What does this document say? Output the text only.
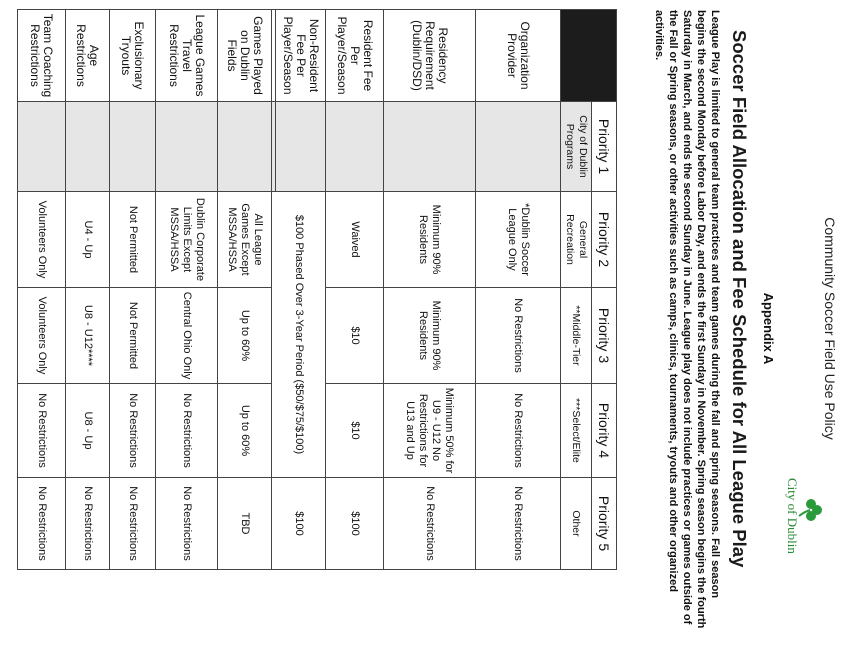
Community Soccer Field Use Policy
City of Dublin
Appendix A
Soccer Field Allocation and Fee Schedule for All League Play
League Play is limited to general team practices and team games during the fall and spring seasons. Fall season begins the second Monday before Labor Day, and ends the first Sunday in November. Spring season begins the fourth Saturday in March, and ends the second Sunday in June. League play does not include practices or games outside of the Fall or Spring seasons, or other activities such as camps, clinics, tournaments, tryouts and other organized activities.
	Priority 1	Priority 2	Priority 3	Priority 4	Priority 5
	City of Dublin Programs	General Recreation	**Middle-Tier	***Select/Elite	Other
Organization Provider		*Dublin Soccer League Only	No Restrictions	No Restrictions	No Restrictions
Residency Requirement (Dublin/DSD)		Minimum 90% Residents	Minimum 90% Residents	Minimum 50% for U9 - U12 No Restrictions for U13 and Up	No Restrictions
Resident Fee Per Player/Season		Waived	$10	$10	$100
Non-Resident Fee Per Player/Season		$100 Phased Over 3-Year Period ($50/$75/$100)			$100

Games Played on Dublin Fields		All League Games Except MSSA/HSSA	Up to 60%	Up to 60%	TBD
League Games Travel Restrictions		Dublin Corporate Limits Except MSSA/HSSA	Central Ohio Only	No Restrictions	No Restrictions
Exclusionary Tryouts		Not Permitted	Not Permitted	No Restrictions	No Restrictions
Age Restrictions		U4 - Up	U8 - U12****	U8 - Up	No Restrictions
Team Coaching Restrictions		Volunteers Only	Volunteers Only	No Restrictions	No Restrictions
